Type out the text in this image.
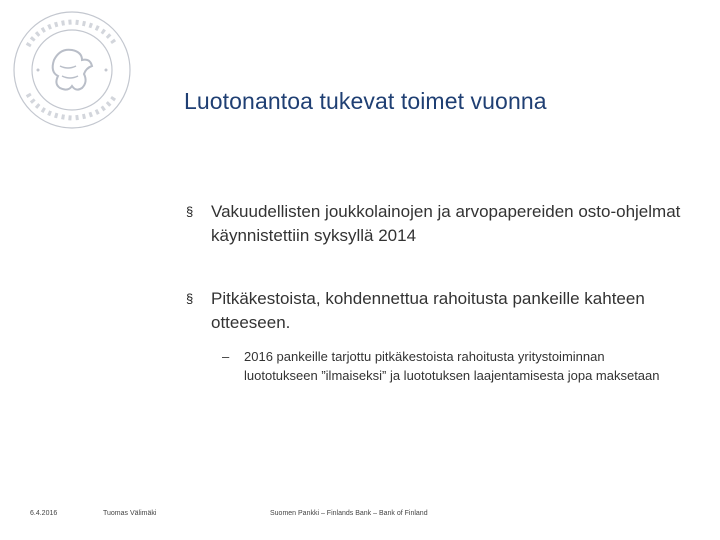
Luotonantoa tukevat toimet vuonna
§ Vakuudellisten joukkolainojen ja arvopapereiden osto-ohjelmat käynnistettiin syksyllä 2014
§ Pitkäkestoista, kohdennettua rahoitusta pankeille kahteen otteeseen.
– 2016 pankeille tarjottu pitkäkestoista rahoitusta yritystoiminnan luototukseen ”ilmaiseksi” ja luototuksen laajentamisesta jopa maksetaan
6.4.2016	Tuomas Välimäki	Suomen Pankki – Finlands Bank – Bank of Finland
